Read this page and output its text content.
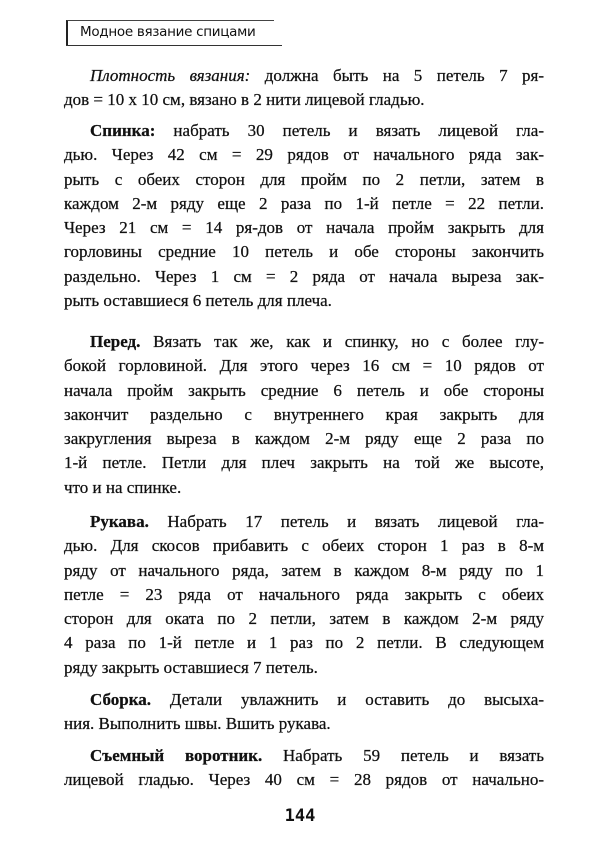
Модное вязание спицами
Плотность вязания: должна быть на 5 петель 7 ря-
дов = 10 х 10 см, вязано в 2 нити лицевой гладью.
Спинка: набрать 30 петель и вязать лицевой гла-
дью. Через 42 см = 29 рядов от начального ряда зак-
рыть с обеих сторон для пройм по 2 петли, затем в
каждом 2-м ряду еще 2 раза по 1-й петле = 22 петли.
Через 21 см = 14 ря-дов от начала пройм закрыть для
горловины средние 10 петель и обе стороны закончить
раздельно. Через 1 см = 2 ряда от начала выреза зак-
рыть оставшиеся 6 петель для плеча.
Перед. Вязать так же, как и спинку, но с более глу-
бокой горловиной. Для этого через 16 см = 10 рядов от
начала пройм закрыть средние 6 петель и обе стороны
закончит раздельно с внутреннего края закрыть для
закругления выреза в каждом 2-м ряду еще 2 раза по
1-й петле. Петли для плеч закрыть на той же высоте,
что и на спинке.
Рукава. Набрать 17 петель и вязать лицевой гла-
дью. Для скосов прибавить с обеих сторон 1 раз в 8-м
ряду от начального ряда, затем в каждом 8-м ряду по 1
петле = 23 ряда от начального ряда закрыть с обеих
сторон для оката по 2 петли, затем в каждом 2-м ряду
4 раза по 1-й петле и 1 раз по 2 петли. В следующем
ряду закрыть оставшиеся 7 петель.
Сборка. Детали увлажнить и оставить до высыха-
ния. Выполнить швы. Вшить рукава.
Съемный воротник. Набрать 59 петель и вязать
лицевой гладью. Через 40 см = 28 рядов от начально-
144
